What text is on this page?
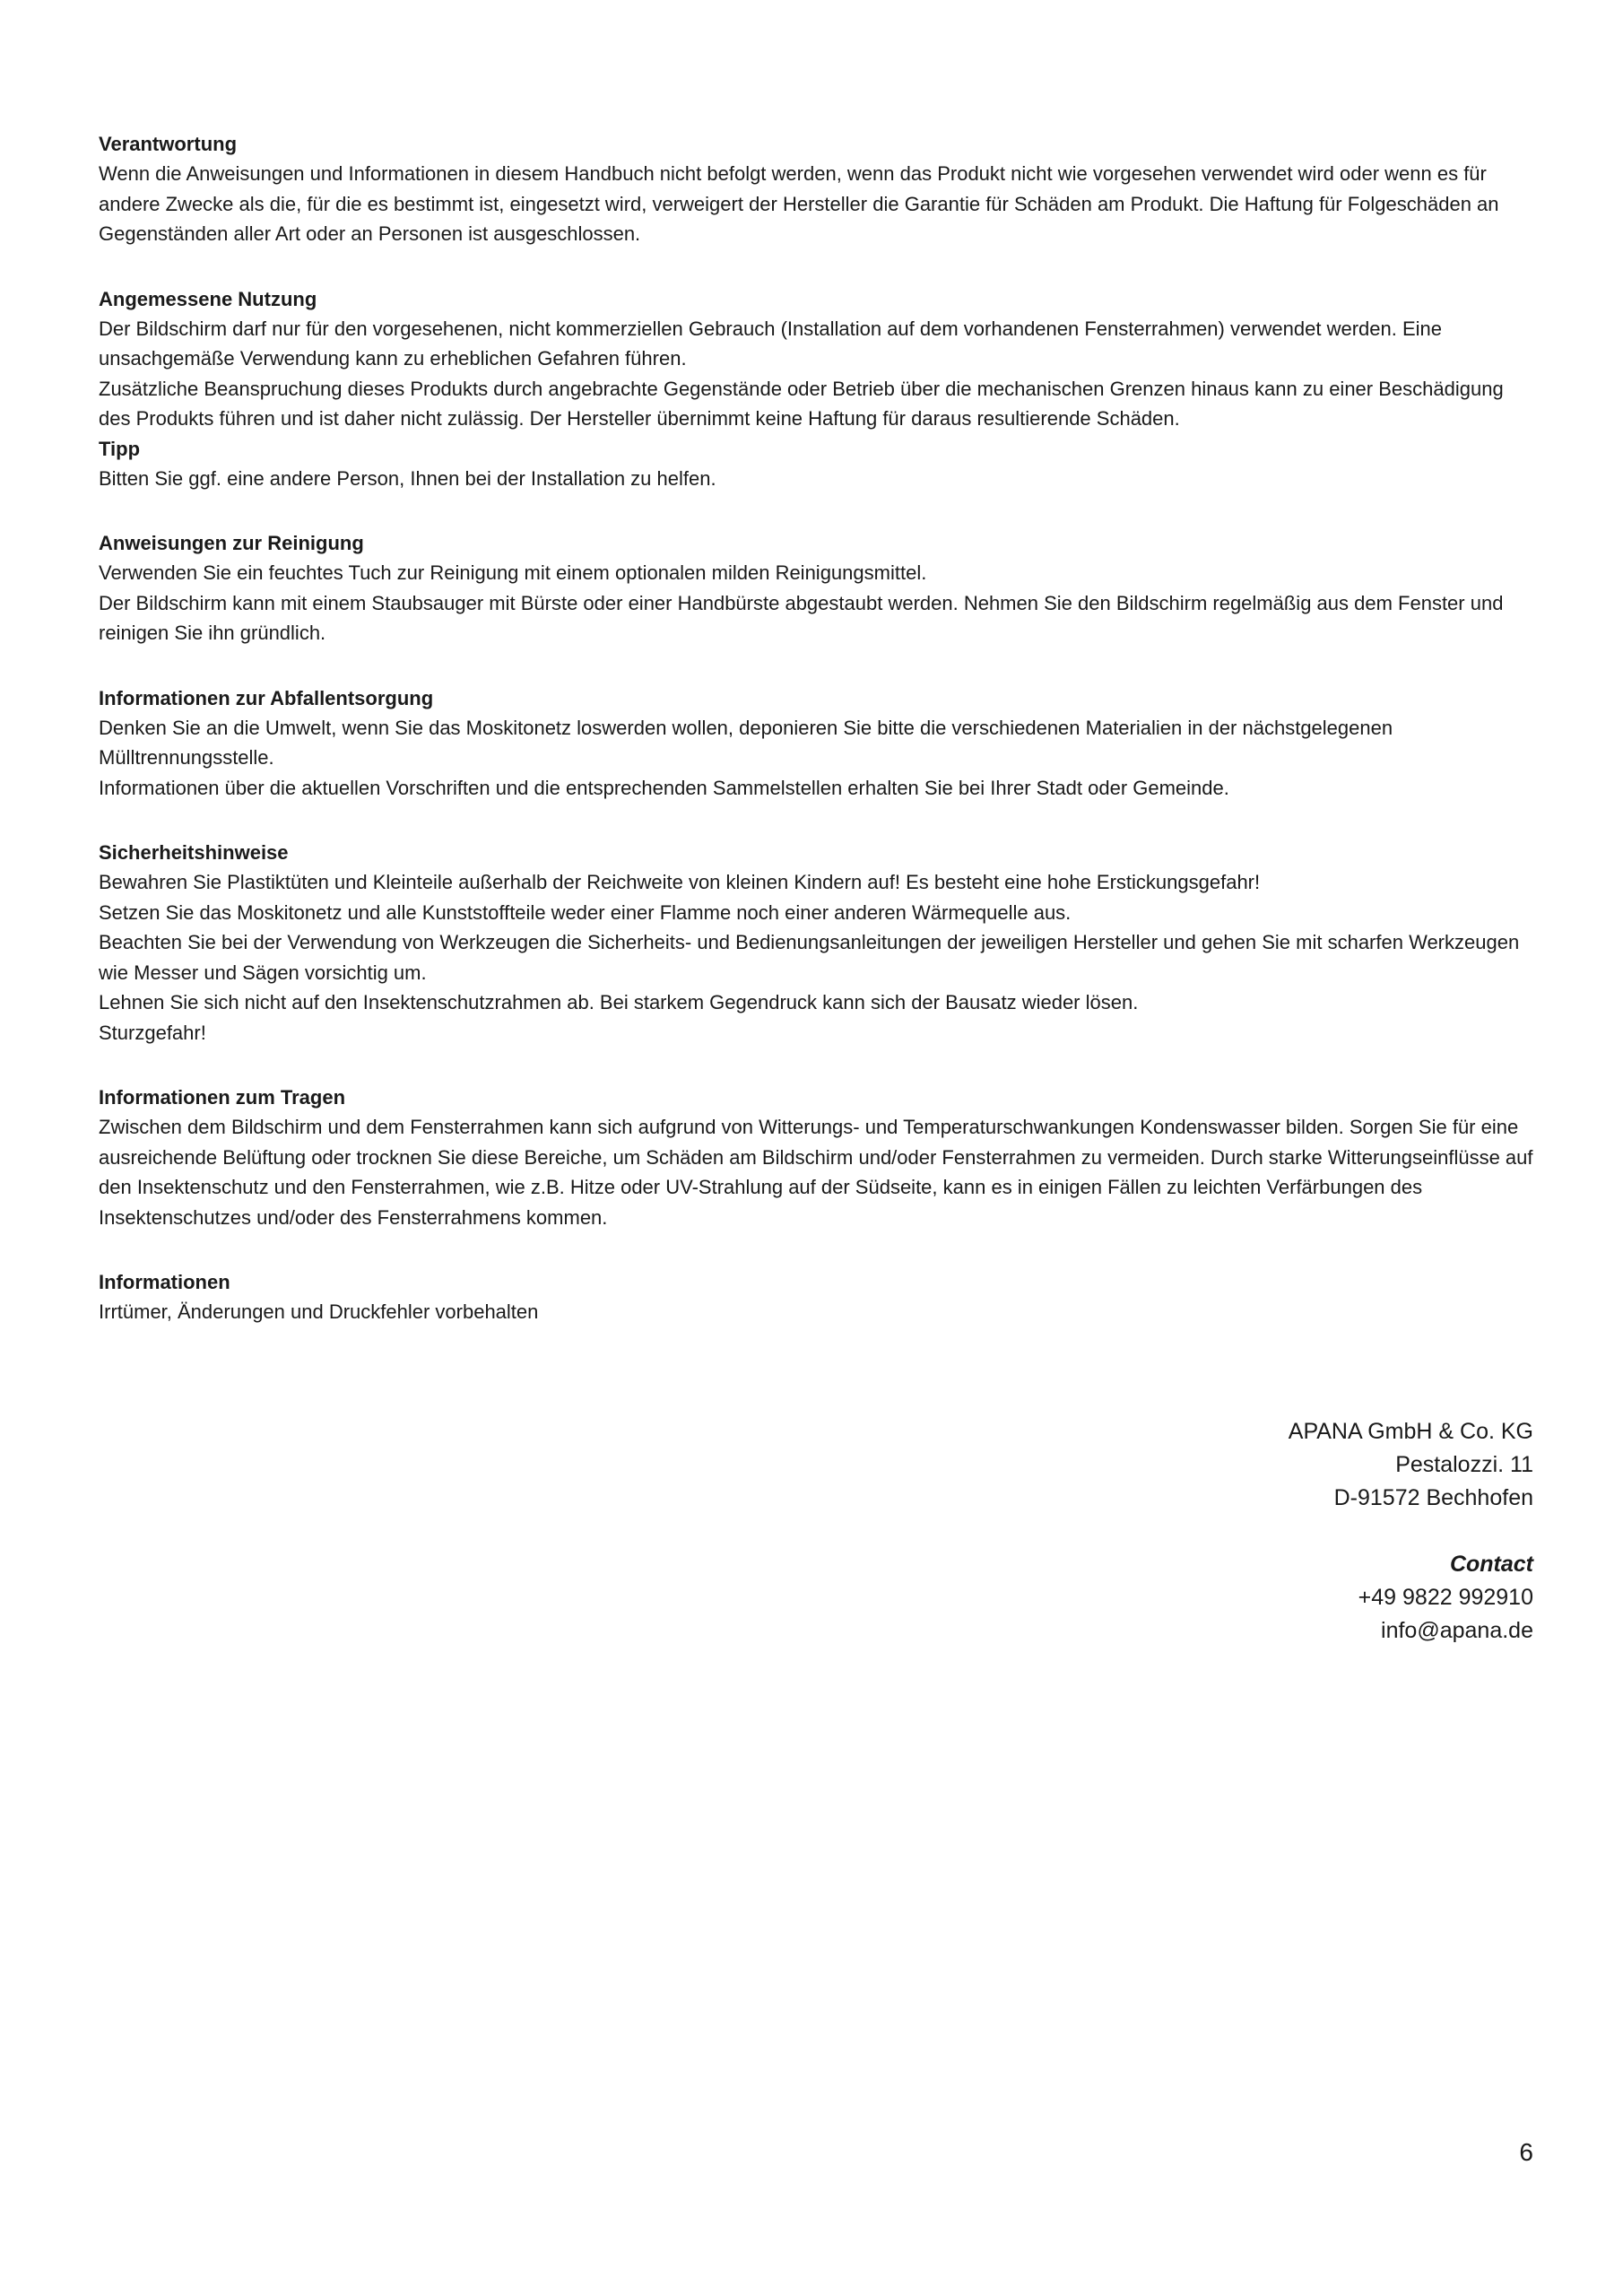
Verantwortung

Wenn die Anweisungen und Informationen in diesem Handbuch nicht befolgt werden, wenn das Produkt nicht wie vorgesehen verwendet wird oder wenn es für andere Zwecke als die, für die es bestimmt ist, eingesetzt wird, verweigert der Hersteller die Garantie für Schäden am Produkt. Die Haftung für Folgeschäden an Gegenständen aller Art oder an Personen ist ausgeschlossen.

Angemessene Nutzung

Der Bildschirm darf nur für den vorgesehenen, nicht kommerziellen Gebrauch (Installation auf dem vorhandenen Fensterrahmen) verwendet werden. Eine unsachgemäße Verwendung kann zu erheblichen Gefahren führen.

Zusätzliche Beanspruchung dieses Produkts durch angebrachte Gegenstände oder Betrieb über die mechanischen Grenzen hinaus kann zu einer Beschädigung des Produkts führen und ist daher nicht zulässig. Der Hersteller übernimmt keine Haftung für daraus resultierende Schäden.

Tipp

Bitten Sie ggf. eine andere Person, Ihnen bei der Installation zu helfen.

Anweisungen zur Reinigung

Verwenden Sie ein feuchtes Tuch zur Reinigung mit einem optionalen milden Reinigungsmittel.

Der Bildschirm kann mit einem Staubsauger mit Bürste oder einer Handbürste abgestaubt werden. Nehmen Sie den Bildschirm regelmäßig aus dem Fenster und reinigen Sie ihn gründlich.

Informationen zur Abfallentsorgung

Denken Sie an die Umwelt, wenn Sie das Moskitonetz loswerden wollen, deponieren Sie bitte die verschiedenen Materialien in der nächstgelegenen Mülltrennungsstelle.

Informationen über die aktuellen Vorschriften und die entsprechenden Sammelstellen erhalten Sie bei Ihrer Stadt oder Gemeinde.

Sicherheitshinweise

Bewahren Sie Plastiktüten und Kleinteile außerhalb der Reichweite von kleinen Kindern auf! Es besteht eine hohe Erstickungsgefahr!

Setzen Sie das Moskitonetz und alle Kunststoffteile weder einer Flamme noch einer anderen Wärmequelle aus.

Beachten Sie bei der Verwendung von Werkzeugen die Sicherheits- und Bedienungsanleitungen der jeweiligen Hersteller und gehen Sie mit scharfen Werkzeugen wie Messer und Sägen vorsichtig um.

Lehnen Sie sich nicht auf den Insektenschutzrahmen ab. Bei starkem Gegendruck kann sich der Bausatz wieder lösen.

Sturzgefahr!

Informationen zum Tragen

Zwischen dem Bildschirm und dem Fensterrahmen kann sich aufgrund von Witterungs- und Temperaturschwankungen Kondenswasser bilden. Sorgen Sie für eine ausreichende Belüftung oder trocknen Sie diese Bereiche, um Schäden am Bildschirm und/oder Fensterrahmen zu vermeiden. Durch starke Witterungseinflüsse auf den Insektenschutz und den Fensterrahmen, wie z.B. Hitze oder UV-Strahlung auf der Südseite, kann es in einigen Fällen zu leichten Verfärbungen des Insektenschutzes und/oder des Fensterrahmens kommen.

Informationen

Irrtümer, Änderungen und Druckfehler vorbehalten

APANA GmbH & Co. KG
Pestalozzi. 11
D-91572 Bechhofen
Contact
+49 9822 992910
info@apana.de
6
